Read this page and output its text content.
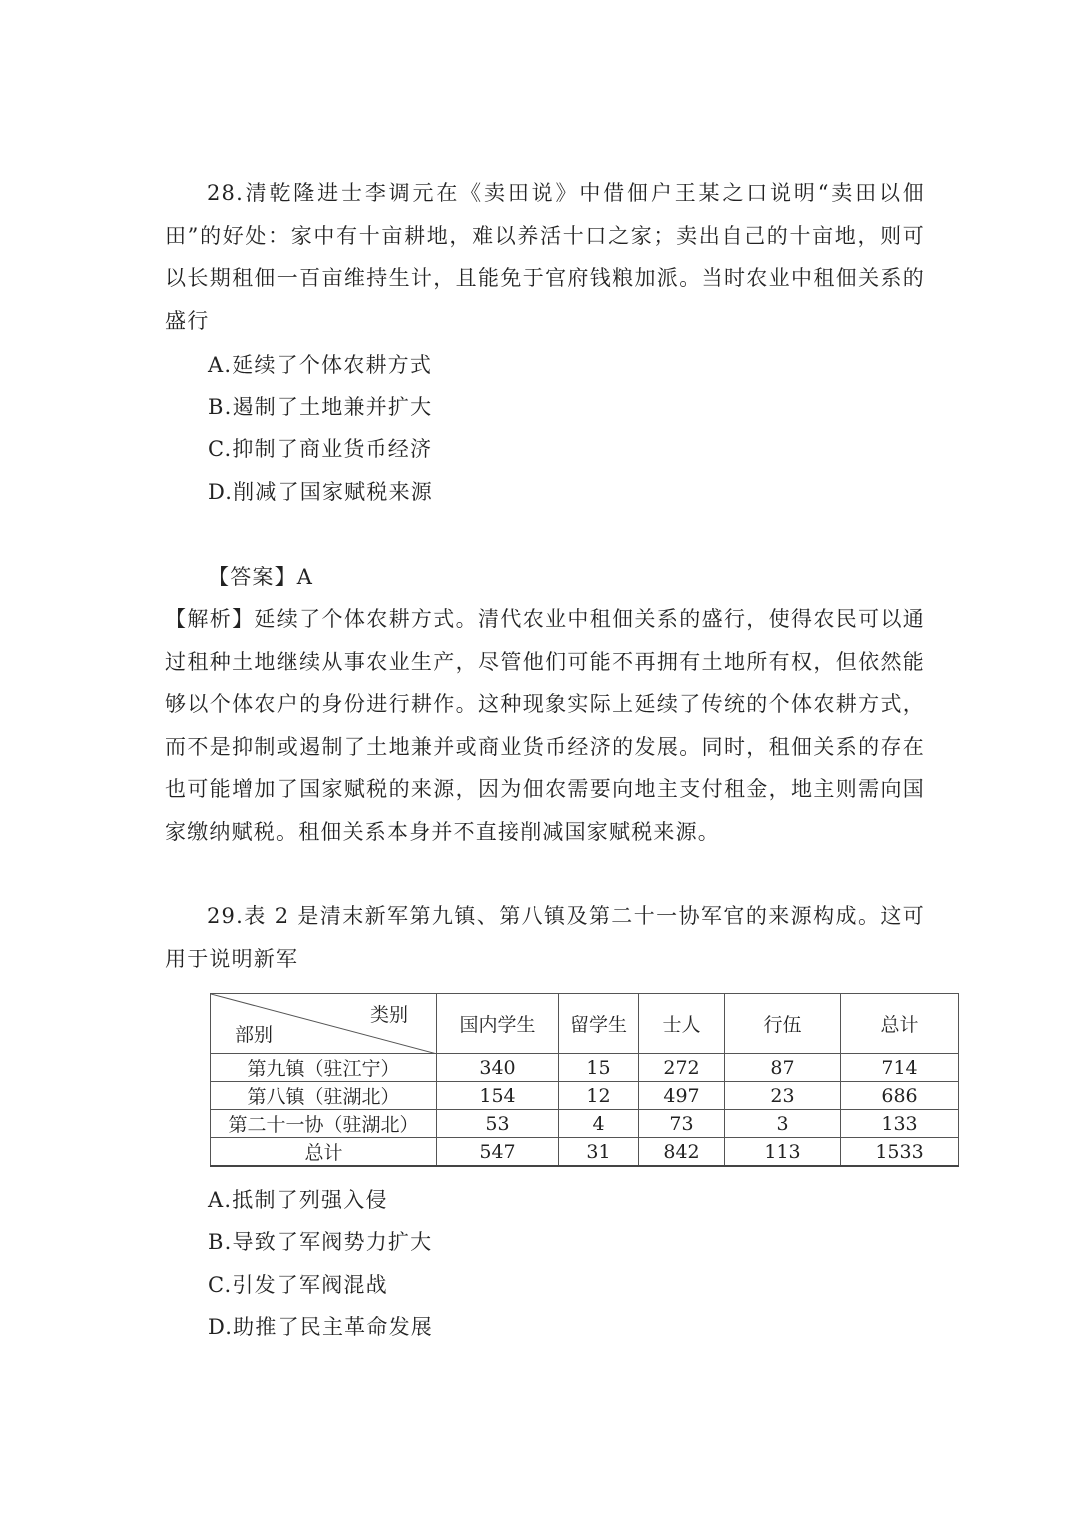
28.清乾隆进士李调元在《卖田说》中借佃户王某之口说明“卖田以佃田”的好处：家中有十亩耕地，难以养活十口之家；卖出自己的十亩地，则可以长期租佃一百亩维持生计，且能免于官府钱粮加派。当时农业中租佃关系的盛行

A.延续了个体农耕方式

B.遏制了土地兼并扩大

C.抑制了商业货币经济

D.削减了国家赋税来源

【答案】A

【解析】延续了个体农耕方式。清代农业中租佃关系的盛行，使得农民可以通过租种土地继续从事农业生产，尽管他们可能不再拥有土地所有权，但依然能够以个体农户的身份进行耕作。这种现象实际上延续了传统的个体农耕方式，而不是抑制或遏制了土地兼并或商业货币经济的发展。同时，租佃关系的存在也可能增加了国家赋税的来源，因为佃农需要向地主支付租金，地主则需向国家缴纳赋税。租佃关系本身并不直接削减国家赋税来源。

29.表 2 是清末新军第九镇、第八镇及第二十一协军官的来源构成。这可用于说明新军

类别
部别	国内学生	留学生	士人	行伍	总计
第九镇（驻江宁）	340	15	272	87	714
第八镇（驻湖北）	154	12	497	23	686
第二十一协（驻湖北）	53	4	73	3	133
总计	547	31	842	113	1533

A.抵制了列强入侵

B.导致了军阀势力扩大

C.引发了军阀混战

D.助推了民主革命发展
